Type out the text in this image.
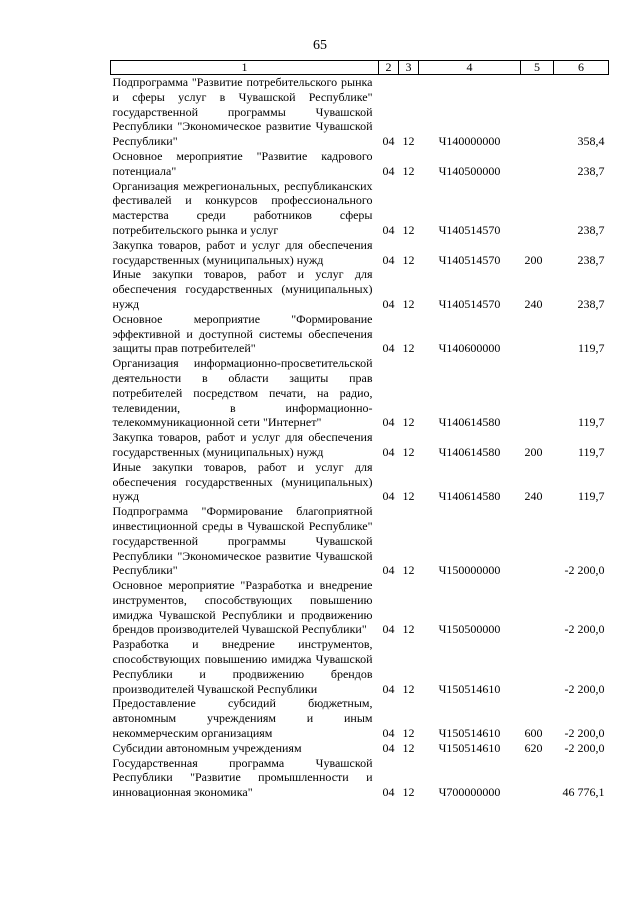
65
1	2	3	4	5	6
Подпрограмма "Развитие потребительского рынка и сферы услуг в Чувашской Республике" государственной программы Чувашской Республики "Экономическое развитие Чувашской Республики"	04	12	Ч140000000		358,4
Основное мероприятие "Развитие кадрового потенциала"	04	12	Ч140500000		238,7
Организация межрегиональных, республиканских фестивалей и конкурсов профессионального мастерства среди работников сферы потребительского рынка и услуг	04	12	Ч140514570		238,7
Закупка товаров, работ и услуг для обеспечения государственных (муниципальных) нужд	04	12	Ч140514570	200	238,7
Иные закупки товаров, работ и услуг для обеспечения государственных (муниципальных) нужд	04	12	Ч140514570	240	238,7
Основное мероприятие "Формирование эффективной и доступной системы обеспечения защиты прав потребителей"	04	12	Ч140600000		119,7
Организация информационно-просветительской деятельности в области защиты прав потребителей посредством печати, на радио, телевидении, в информационно-телекоммуникационной сети "Интернет"	04	12	Ч140614580		119,7
Закупка товаров, работ и услуг для обеспечения государственных (муниципальных) нужд	04	12	Ч140614580	200	119,7
Иные закупки товаров, работ и услуг для обеспечения государственных (муниципальных) нужд	04	12	Ч140614580	240	119,7
Подпрограмма "Формирование благоприятной инвестиционной среды в Чувашской Республике" государственной программы Чувашской Республики "Экономическое развитие Чувашской Республики"	04	12	Ч150000000		-2 200,0
Основное мероприятие "Разработка и внедрение инструментов, способствующих повышению имиджа Чувашской Республики и продвижению брендов производителей Чувашской Республики"	04	12	Ч150500000		-2 200,0
Разработка и внедрение инструментов, способствующих повышению имиджа Чувашской Республики и продвижению брендов производителей Чувашской Республики	04	12	Ч150514610		-2 200,0
Предоставление субсидий бюджетным, автономным учреждениям и иным некоммерческим организациям	04	12	Ч150514610	600	-2 200,0
Субсидии автономным учреждениям	04	12	Ч150514610	620	-2 200,0
Государственная программа Чувашской Республики "Развитие промышленности и инновационная экономика"	04	12	Ч700000000		46 776,1
